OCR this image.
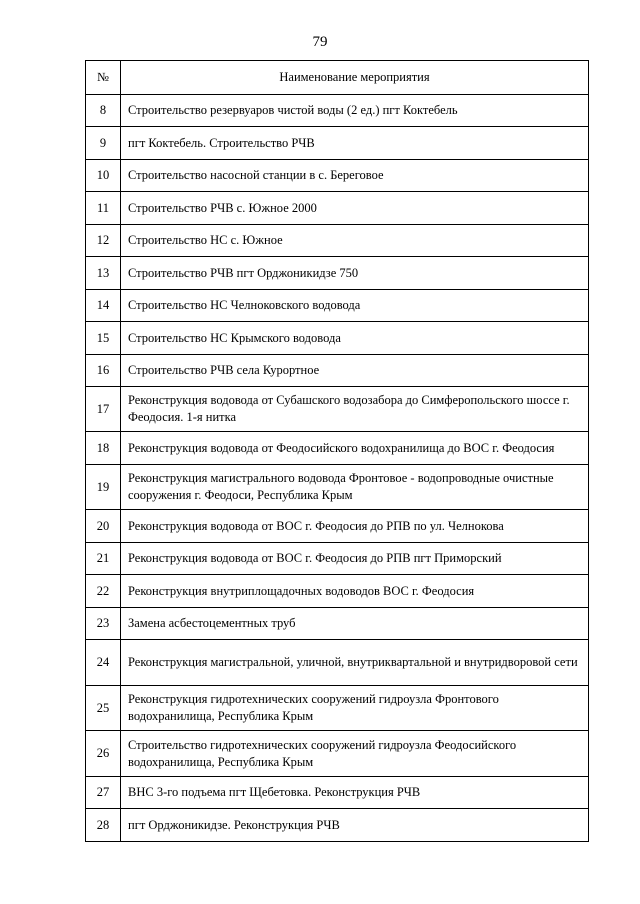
79
№	Наименование мероприятия
8	Строительство резервуаров чистой воды (2 ед.) пгт Коктебель
9	пгт Коктебель. Строительство РЧВ
10	Строительство насосной станции в с. Береговое
11	Строительство РЧВ с. Южное 2000
12	Строительство НС с. Южное
13	Строительство РЧВ пгт Орджоникидзе 750
14	Строительство НС Челноковского водовода
15	Строительство НС Крымского водовода
16	Строительство РЧВ села Курортное
17	Реконструкция водовода от Субашского водозабора до Симферопольского шоссе г. Феодосия. 1-я нитка
18	Реконструкция водовода от Феодосийского водохранилища до ВОС г. Феодосия
19	Реконструкция магистрального водовода Фронтовое - водопроводные очистные сооружения г. Феодоси, Республика Крым
20	Реконструкция водовода от ВОС г. Феодосия до РПВ по ул. Челнокова
21	Реконструкция водовода от ВОС г. Феодосия до РПВ пгт Приморский
22	Реконструкция внутриплощадочных водоводов ВОС г. Феодосия
23	Замена асбестоцементных труб
24	Реконструкция магистральной, уличной, внутриквартальной и внутридворовой сети
25	Реконструкция гидротехнических сооружений гидроузла Фронтового водохранилища, Республика Крым
26	Строительство гидротехнических сооружений гидроузла Феодосийского водохранилища, Республика Крым
27	ВНС 3-го подъема пгт Щебетовка. Реконструкция РЧВ
28	пгт Орджоникидзе. Реконструкция РЧВ
